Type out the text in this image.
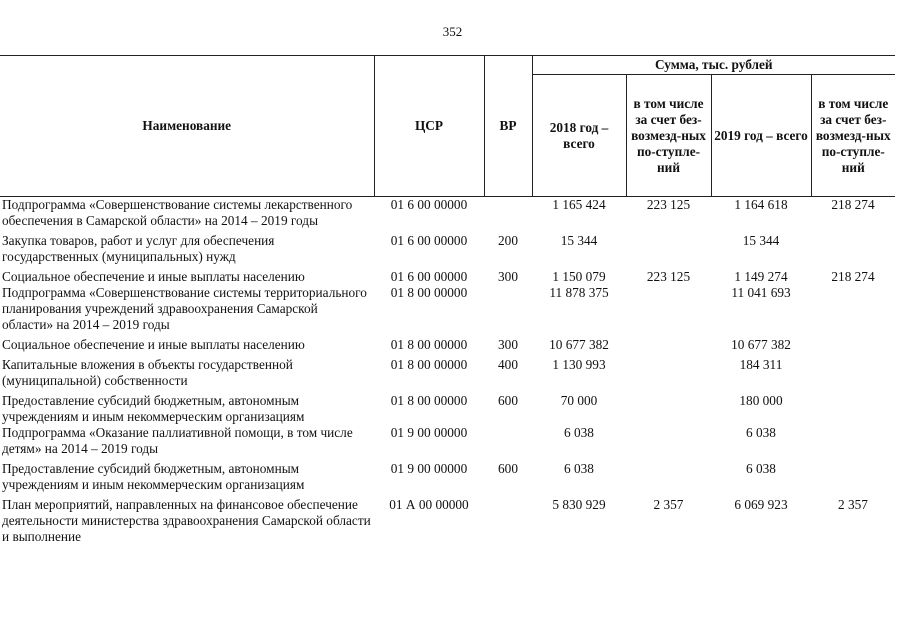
352
Наименование	ЦСР	ВР	Сумма, тыс. рублей			
			2018 год – всего	в том числе за счет без-возмезд-ных по-ступле-ний	2019 год – всего	в том числе за счет без-возмезд-ных по-ступле-ний
Подпрограмма «Совершенствование системы лекарственного обеспечения в Самарской области» на 2014 – 2019 годы	01 6 00 00000		1 165 424	223 125	1 164 618	218 274
Закупка товаров, работ и услуг для обеспечения государственных (муниципальных) нужд	01 6 00 00000	200	15 344		15 344	
Социальное обеспечение и иные выплаты населению	01 6 00 00000	300	1 150 079	223 125	1 149 274	218 274
Подпрограмма «Совершенствование системы территориального планирования учреждений здравоохранения Самарской области» на 2014 – 2019 годы	01 8 00 00000		11 878 375		11 041 693	
Социальное обеспечение и иные выплаты населению	01 8 00 00000	300	10 677 382		10 677 382	
Капитальные вложения в объекты государственной (муниципальной) собственности	01 8 00 00000	400	1 130 993		184 311	
Предоставление субсидий бюджетным, автономным учреждениям и иным некоммерческим организациям	01 8 00 00000	600	70 000		180 000	
Подпрограмма «Оказание паллиативной помощи, в том числе детям» на 2014 – 2019 годы	01 9 00 00000		6 038		6 038	
Предоставление субсидий бюджетным, автономным учреждениям и иным некоммерческим организациям	01 9 00 00000	600	6 038		6 038	
План мероприятий, направленных на финансовое обеспечение деятельности министерства здравоохранения Самарской области и выполнение	01 А 00 00000		5 830 929	2 357	6 069 923	2 357
